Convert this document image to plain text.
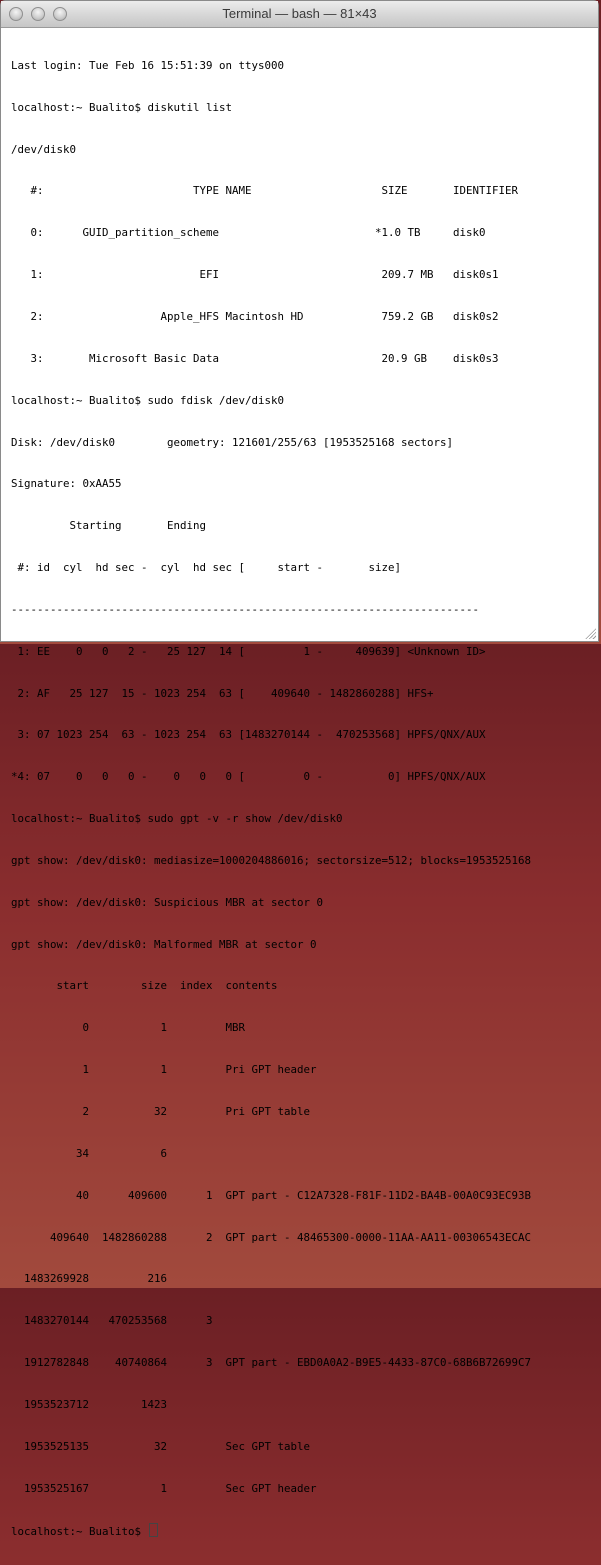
Terminal — bash — 81×43

Last login: Tue Feb 16 15:51:39 on ttys000

localhost:~ Bualito$ diskutil list

/dev/disk0

#:                       TYPE NAME                    SIZE       IDENTIFIER

0:      GUID_partition_scheme                        *1.0 TB     disk0

1:                        EFI                         209.7 MB   disk0s1

2:                  Apple_HFS Macintosh HD            759.2 GB   disk0s2

3:       Microsoft Basic Data                         20.9 GB    disk0s3

localhost:~ Bualito$ sudo fdisk /dev/disk0

Disk: /dev/disk0        geometry: 121601/255/63 [1953525168 sectors]

Signature: 0xAA55

Starting       Ending

#: id  cyl  hd sec -  cyl  hd sec [     start -       size]

------------------------------------------------------------------------

1: EE    0   0   2 -   25 127  14 [         1 -     409639] <Unknown ID>

2: AF   25 127  15 - 1023 254  63 [    409640 - 1482860288] HFS+

3: 07 1023 254  63 - 1023 254  63 [1483270144 -  470253568] HPFS/QNX/AUX

*4: 07    0   0   0 -    0   0   0 [         0 -          0] HPFS/QNX/AUX

localhost:~ Bualito$ sudo gpt -v -r show /dev/disk0

gpt show: /dev/disk0: mediasize=1000204886016; sectorsize=512; blocks=1953525168

gpt show: /dev/disk0: Suspicious MBR at sector 0

gpt show: /dev/disk0: Malformed MBR at sector 0

start        size  index  contents

0           1         MBR

1           1         Pri GPT header

2          32         Pri GPT table

34           6

40      409600      1  GPT part - C12A7328-F81F-11D2-BA4B-00A0C93EC93B

409640  1482860288      2  GPT part - 48465300-0000-11AA-AA11-00306543ECAC

1483269928         216

1483270144   470253568      3

1912782848    40740864      3  GPT part - EBD0A0A2-B9E5-4433-87C0-68B6B72699C7

1953523712        1423

1953525135          32         Sec GPT table

1953525167           1         Sec GPT header

localhost:~ Bualito$
